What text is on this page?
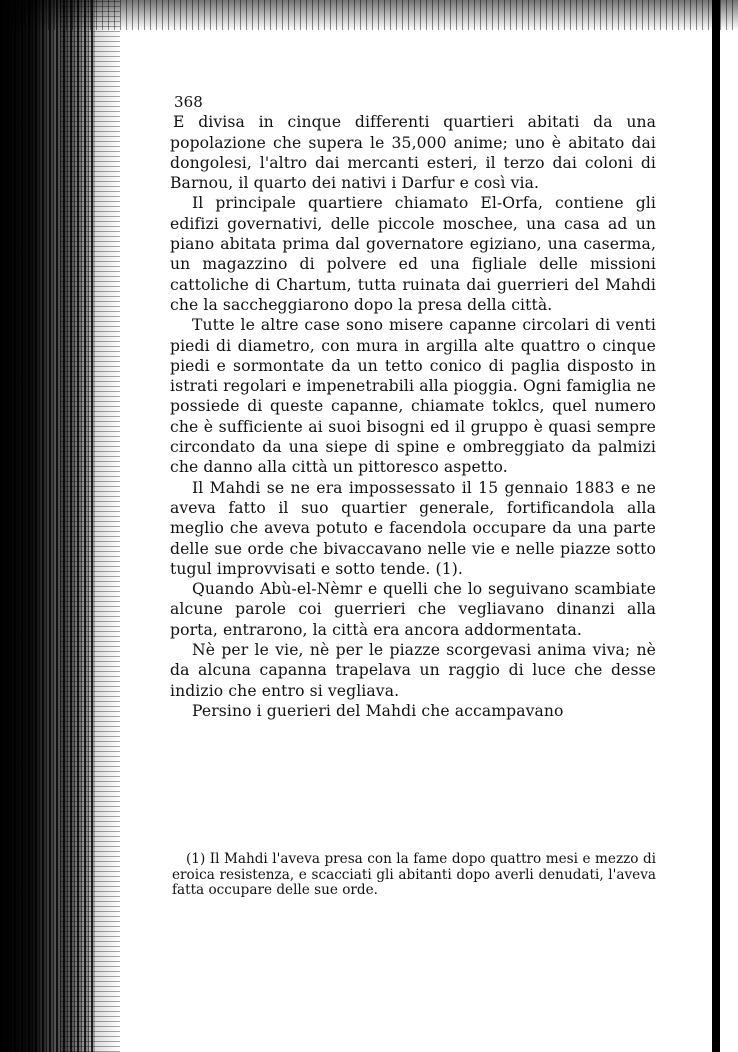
368

E divisa in cinque differenti quartieri abitati da una popolazione che supera le 35,000 anime; uno è abitato dai dongolesi, l'altro dai mercanti esteri, il terzo dai coloni di Barnou, il quarto dei nativi i Darfur e così via.

Il principale quartiere chiamato El-Orfa, contiene gli edifizi governativi, delle piccole moschee, una casa ad un piano abitata prima dal governatore egiziano, una caserma, un magazzino di polvere ed una figliale delle missioni cattoliche di Chartum, tutta ruinata dai guerrieri del Mahdi che la saccheggiarono dopo la presa della città.

Tutte le altre case sono misere capanne circolari di venti piedi di diametro, con mura in argilla alte quattro o cinque piedi e sormontate da un tetto conico di paglia disposto in istrati regolari e impenetrabili alla pioggia. Ogni famiglia ne possiede di queste capanne, chiamate toklcs, quel numero che è sufficiente ai suoi bisogni ed il gruppo è quasi sempre circondato da una siepe di spine e ombreggiato da palmizi che danno alla città un pittoresco aspetto.

Il Mahdi se ne era impossessato il 15 gennaio 1883 e ne aveva fatto il suo quartier generale, fortificandola alla meglio che aveva potuto e facendola occupare da una parte delle sue orde che bivaccavano nelle vie e nelle piazze sotto tugul improvvisati e sotto tende. (1).

Quando Abù-el-Nèmr e quelli che lo seguivano scambiate alcune parole coi guerrieri che vegliavano dinanzi alla porta, entrarono, la città era ancora addormentata.

Nè per le vie, nè per le piazze scorgevasi anima viva; nè da alcuna capanna trapelava un raggio di luce che desse indizio che entro si vegliava.

Persino i guerieri del Mahdi che accampavano

(1) Il Mahdi l'aveva presa con la fame dopo quattro mesi e mezzo di eroica resistenza, e scacciati gli abitanti dopo averli denudati, l'aveva fatta occupare delle sue orde.
